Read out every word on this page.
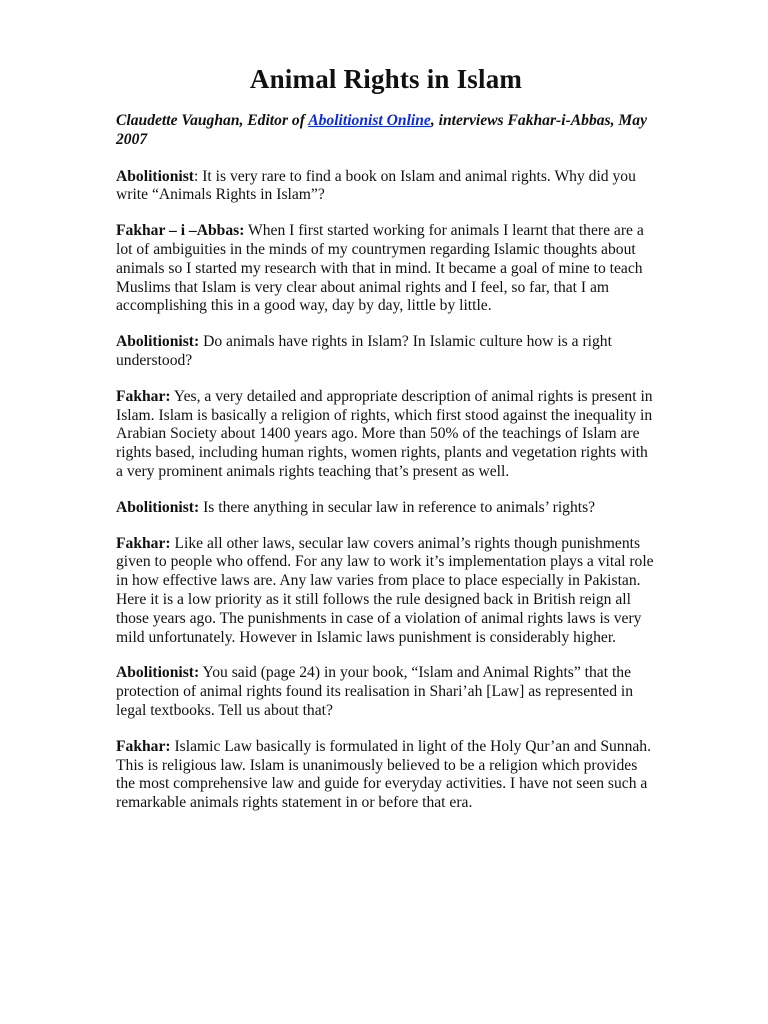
Animal Rights in Islam

Claudette Vaughan, Editor of Abolitionist Online, interviews Fakhar-i-Abbas, May 2007

Abolitionist: It is very rare to find a book on Islam and animal rights. Why did you write “Animals Rights in Islam”?

Fakhar – i –Abbas: When I first started working for animals I learnt that there are a lot of ambiguities in the minds of my countrymen regarding Islamic thoughts about animals so I started my research with that in mind. It became a goal of mine to teach Muslims that Islam is very clear about animal rights and I feel, so far, that I am accomplishing this in a good way, day by day, little by little.

Abolitionist: Do animals have rights in Islam? In Islamic culture how is a right understood?

Fakhar: Yes, a very detailed and appropriate description of animal rights is present in Islam. Islam is basically a religion of rights, which first stood against the inequality in Arabian Society about 1400 years ago. More than 50% of the teachings of Islam are rights based, including human rights, women rights, plants and vegetation rights with a very prominent animals rights teaching that’s present as well.

Abolitionist: Is there anything in secular law in reference to animals’ rights?

Fakhar: Like all other laws, secular law covers animal’s rights though punishments given to people who offend. For any law to work it’s implementation plays a vital role in how effective laws are. Any law varies from place to place especially in Pakistan. Here it is a low priority as it still follows the rule designed back in British reign all those years ago. The punishments in case of a violation of animal rights laws is very mild unfortunately. However in Islamic laws punishment is considerably higher.

Abolitionist: You said (page 24) in your book, “Islam and Animal Rights” that the protection of animal rights found its realisation in Shari’ah [Law] as represented in legal textbooks. Tell us about that?

Fakhar: Islamic Law basically is formulated in light of the Holy Qur’an and Sunnah. This is religious law. Islam is unanimously believed to be a religion which provides the most comprehensive law and guide for everyday activities. I have not seen such a remarkable animals rights statement in or before that era.
